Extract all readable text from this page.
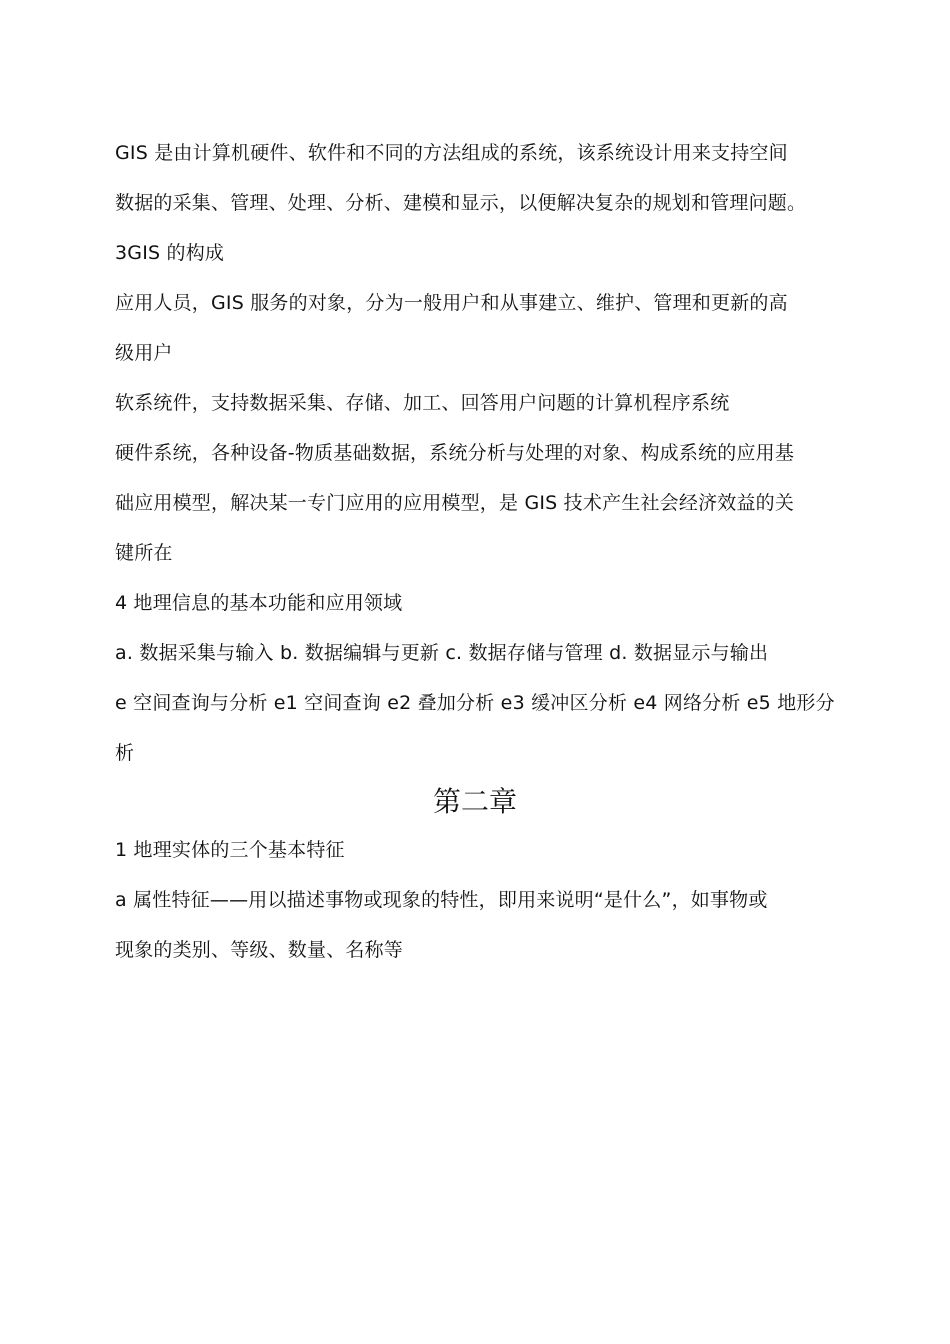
GIS 是由计算机硬件、软件和不同的方法组成的系统，该系统设计用来支持空间
数据的采集、管理、处理、分析、建模和显示，以便解决复杂的规划和管理问题。
3GIS 的构成
应用人员，GIS 服务的对象，分为一般用户和从事建立、维护、管理和更新的高
级用户
软系统件，支持数据采集、存储、加工、回答用户问题的计算机程序系统
硬件系统，各种设备-物质基础数据，系统分析与处理的对象、构成系统的应用基
础应用模型，解决某一专门应用的应用模型，是 GIS 技术产生社会经济效益的关
键所在
4 地理信息的基本功能和应用领域
a. 数据采集与输入 b. 数据编辑与更新 c. 数据存储与管理 d. 数据显示与输出
e 空间查询与分析 e1 空间查询 e2 叠加分析 e3 缓冲区分析 e4 网络分析 e5 地形分
析
第二章
1 地理实体的三个基本特征
a 属性特征——用以描述事物或现象的特性，即用来说明“是什么”，如事物或
现象的类别、等级、数量、名称等
